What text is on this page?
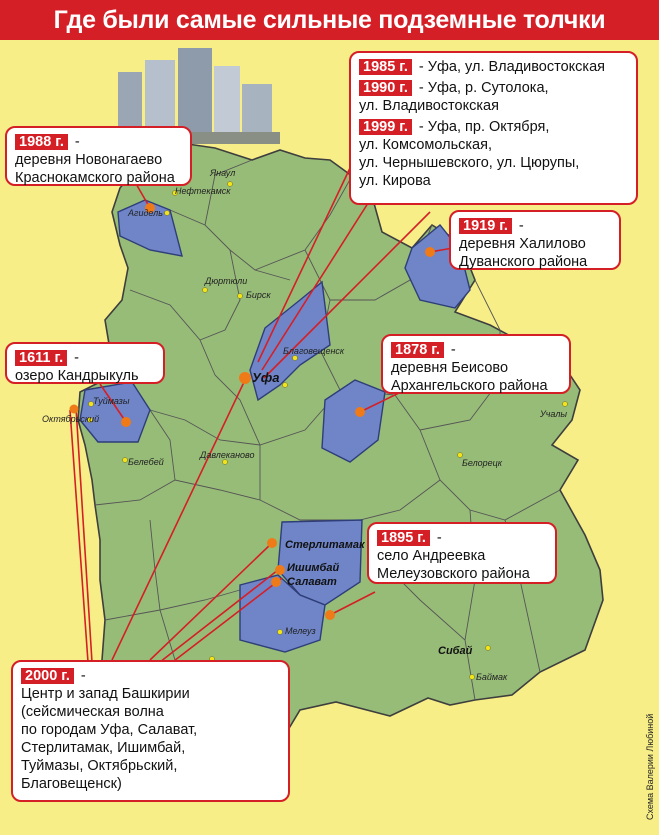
Где были самые сильные подземные толчки
Нефтекамск
Янаул
Агидель
Дюртюли
Бирск
Благовещенск
Уфа
Туймазы
Октябрьский
Белебей
Давлеканово
Учалы
Белорецк
Стерлитамак
Ишимбай
Салават
Мелеуз
Сибай
Баймак
1988 г. -
деревня Новонагаево
Краснокамского района
1985 г. - Уфа, ул. Владивостокская
1990 г. - Уфа, р. Сутолока,
ул. Владивостокская
1999 г. - Уфа, пр. Октября,
ул. Комсомольская,
ул. Чернышевского, ул. Цюрупы,
ул. Кирова
1919 г. -
деревня Халилово
Дуванского района
1611 г. -
озеро Кандрыкуль
1878 г. -
деревня Беисово
Архангельского района
1895 г. -
село Андреевка
Мелеузовского района
2000 г. -
Центр и запад Башкирии
(сейсмическая волна
по городам Уфа, Салават,
Стерлитамак, Ишимбай,
Туймазы, Октябрьский,
Благовещенск)	Схема Валерии Любиной
